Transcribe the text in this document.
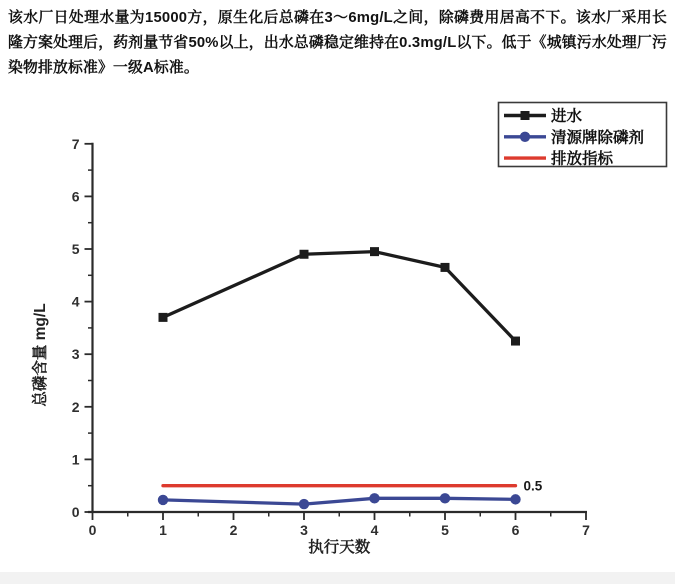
该水厂日处理水量为15000方，原生化后总磷在3～6mg/L之间，除磷费用居高不下。该水厂采用长隆方案处理后，药剂量节省50%以上，出水总磷稳定维持在0.3mg/L以下。低于《城镇污水处理厂污染物排放标准》一级A标准。

0	1	2	3	4	5	6	7
0
1
2
3
4
5
6
7
执行天数
总磷含量 mg/L
0.5
进水
清源牌除磷剂
排放指标
